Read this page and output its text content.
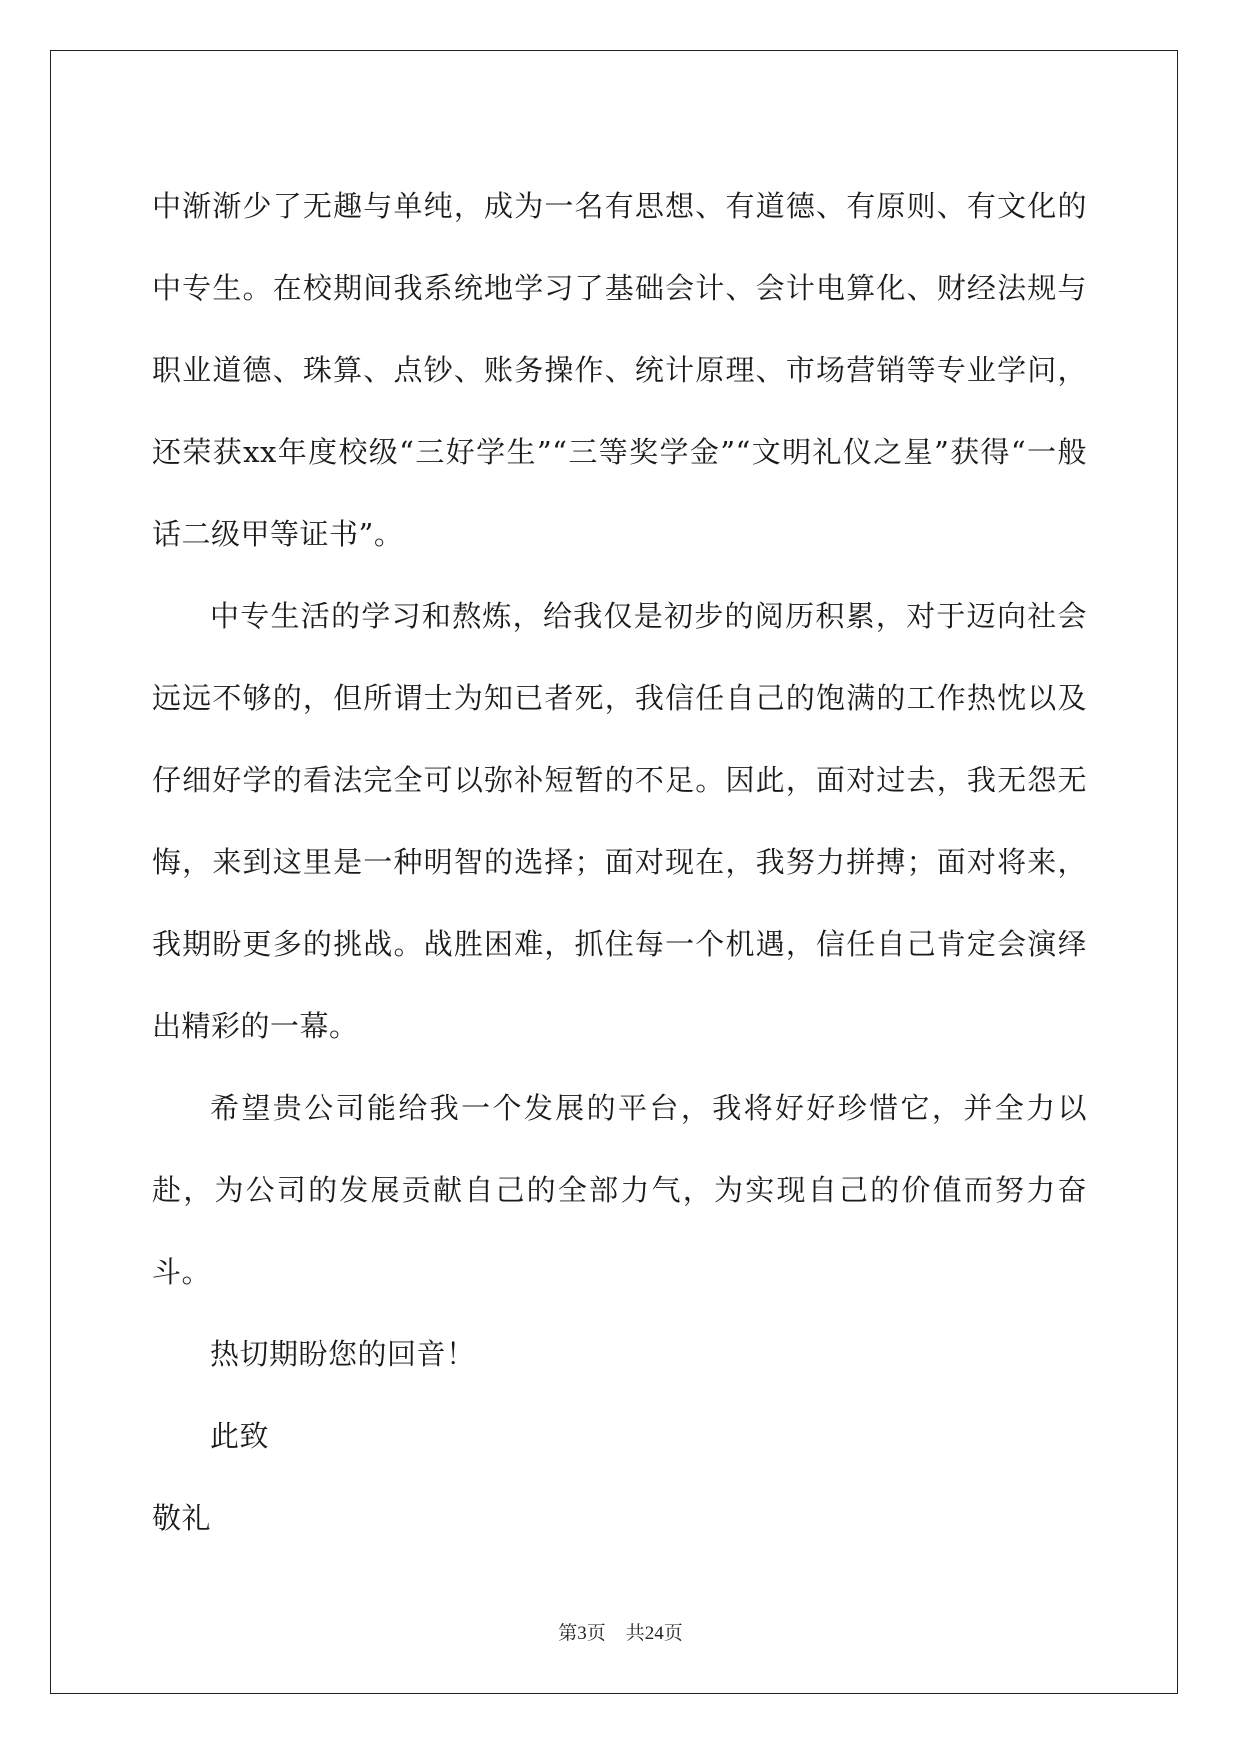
中渐渐少了无趣与单纯，成为一名有思想、有道德、有原则、有文化的中专生。在校期间我系统地学习了基础会计、会计电算化、财经法规与职业道德、珠算、点钞、账务操作、统计原理、市场营销等专业学问，还荣获xx年度校级“三好学生”“三等奖学金”“文明礼仪之星”获得“一般话二级甲等证书”。

中专生活的学习和熬炼，给我仅是初步的阅历积累，对于迈向社会远远不够的，但所谓士为知已者死，我信任自己的饱满的工作热忱以及仔细好学的看法完全可以弥补短暂的不足。因此，面对过去，我无怨无悔，来到这里是一种明智的选择；面对现在，我努力拼搏；面对将来，我期盼更多的挑战。战胜困难，抓住每一个机遇，信任自己肯定会演绎出精彩的一幕。

希望贵公司能给我一个发展的平台，我将好好珍惜它，并全力以赴，为公司的发展贡献自己的全部力气，为实现自己的价值而努力奋斗。

热切期盼您的回音！

此致

敬礼

第3页 共24页
